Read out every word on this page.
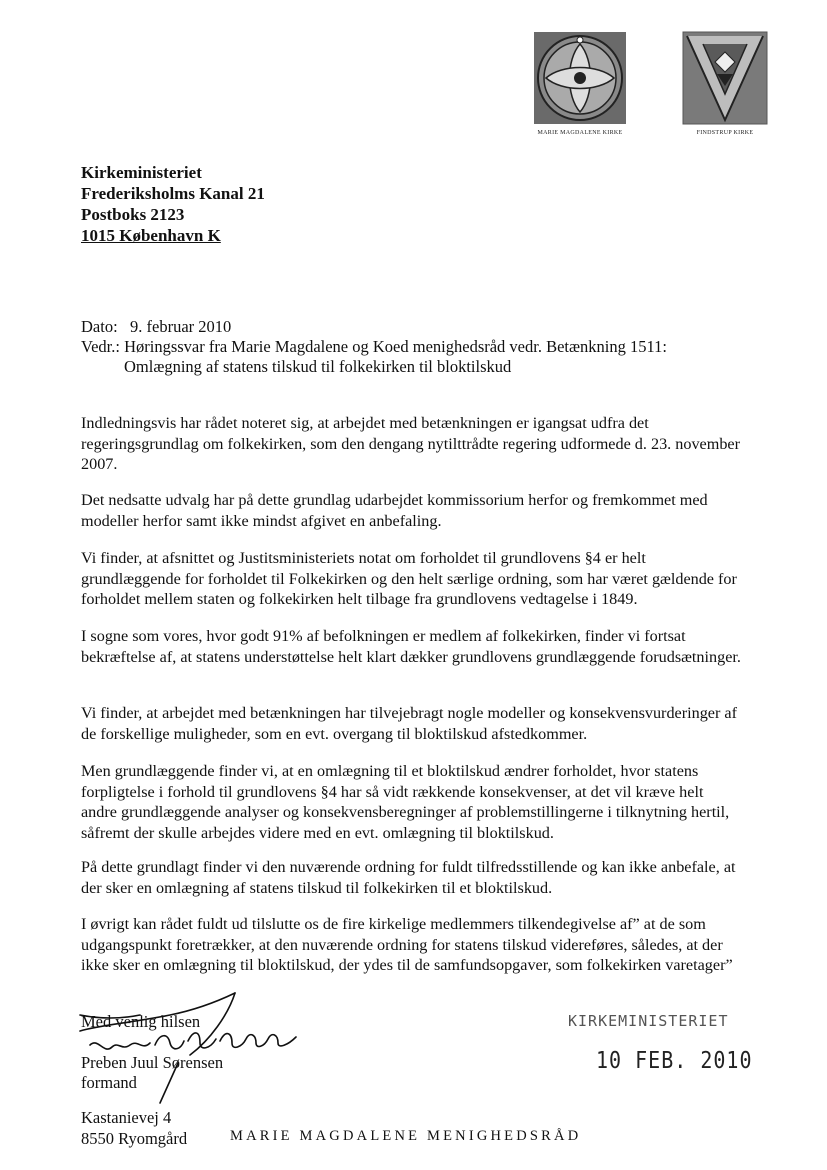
MARIE MAGDALENE KIRKE	FINDSTRUP KIRKE
Kirkeministeriet
Frederiksholms Kanal 21
Postboks 2123
1015 København K
Dato: 9. februar 2010
Vedr.: Høringssvar fra Marie Magdalene og Koed menighedsråd vedr. Betænkning 1511:
Omlægning af statens tilskud til folkekirken til bloktilskud

Indledningsvis har rådet noteret sig, at arbejdet med betænkningen er igangsat udfra det regeringsgrundlag om folkekirken, som den dengang nytilttrådte regering udformede d. 23. november 2007.

Det nedsatte udvalg har på dette grundlag udarbejdet kommissorium herfor og fremkommet med modeller herfor samt ikke mindst afgivet en anbefaling.

Vi finder, at afsnittet og Justitsministeriets notat om forholdet til grundlovens §4 er helt grundlæggende for forholdet til Folkekirken og den helt særlige ordning, som har været gældende for forholdet mellem staten og folkekirken helt tilbage fra grundlovens vedtagelse i 1849.

I sogne som vores, hvor godt 91% af befolkningen er medlem af folkekirken, finder vi fortsat bekræftelse af, at statens understøttelse helt klart dækker grundlovens grundlæggende forudsætninger.

Vi finder, at arbejdet med betænkningen har tilvejebragt nogle modeller og konsekvensvurderinger af de forskellige muligheder, som en evt. overgang til bloktilskud afstedkommer.

Men grundlæggende finder vi, at en omlægning til et bloktilskud ændrer forholdet, hvor statens forpligtelse i forhold til grundlovens §4 har så vidt rækkende konsekvenser, at det vil kræve helt andre grundlæggende analyser og konsekvensberegninger af problemstillingerne i tilknytning hertil, såfremt der skulle arbejdes videre med en evt. omlægning til bloktilskud.

På dette grundlagt finder vi den nuværende ordning for fuldt tilfredsstillende og kan ikke anbefale, at der sker en omlægning af statens tilskud til folkekirken til et bloktilskud.

I øvrigt kan rådet fuldt ud tilslutte os de fire kirkelige medlemmers tilkendegivelse af” at de som udgangspunkt foretrækker, at den nuværende ordning for statens tilskud videreføres, således, at der ikke sker en omlægning til bloktilskud, der ydes til de samfundsopgaver, som folkekirken varetager”

Med venlig hilsen
Preben Juul Sørensen
formand
Kastanievej 4
8550 Ryomgård
KIRKEMINISTERIET
10 FEB. 2010
MARIE MAGDALENE MENIGHEDSRÅD
